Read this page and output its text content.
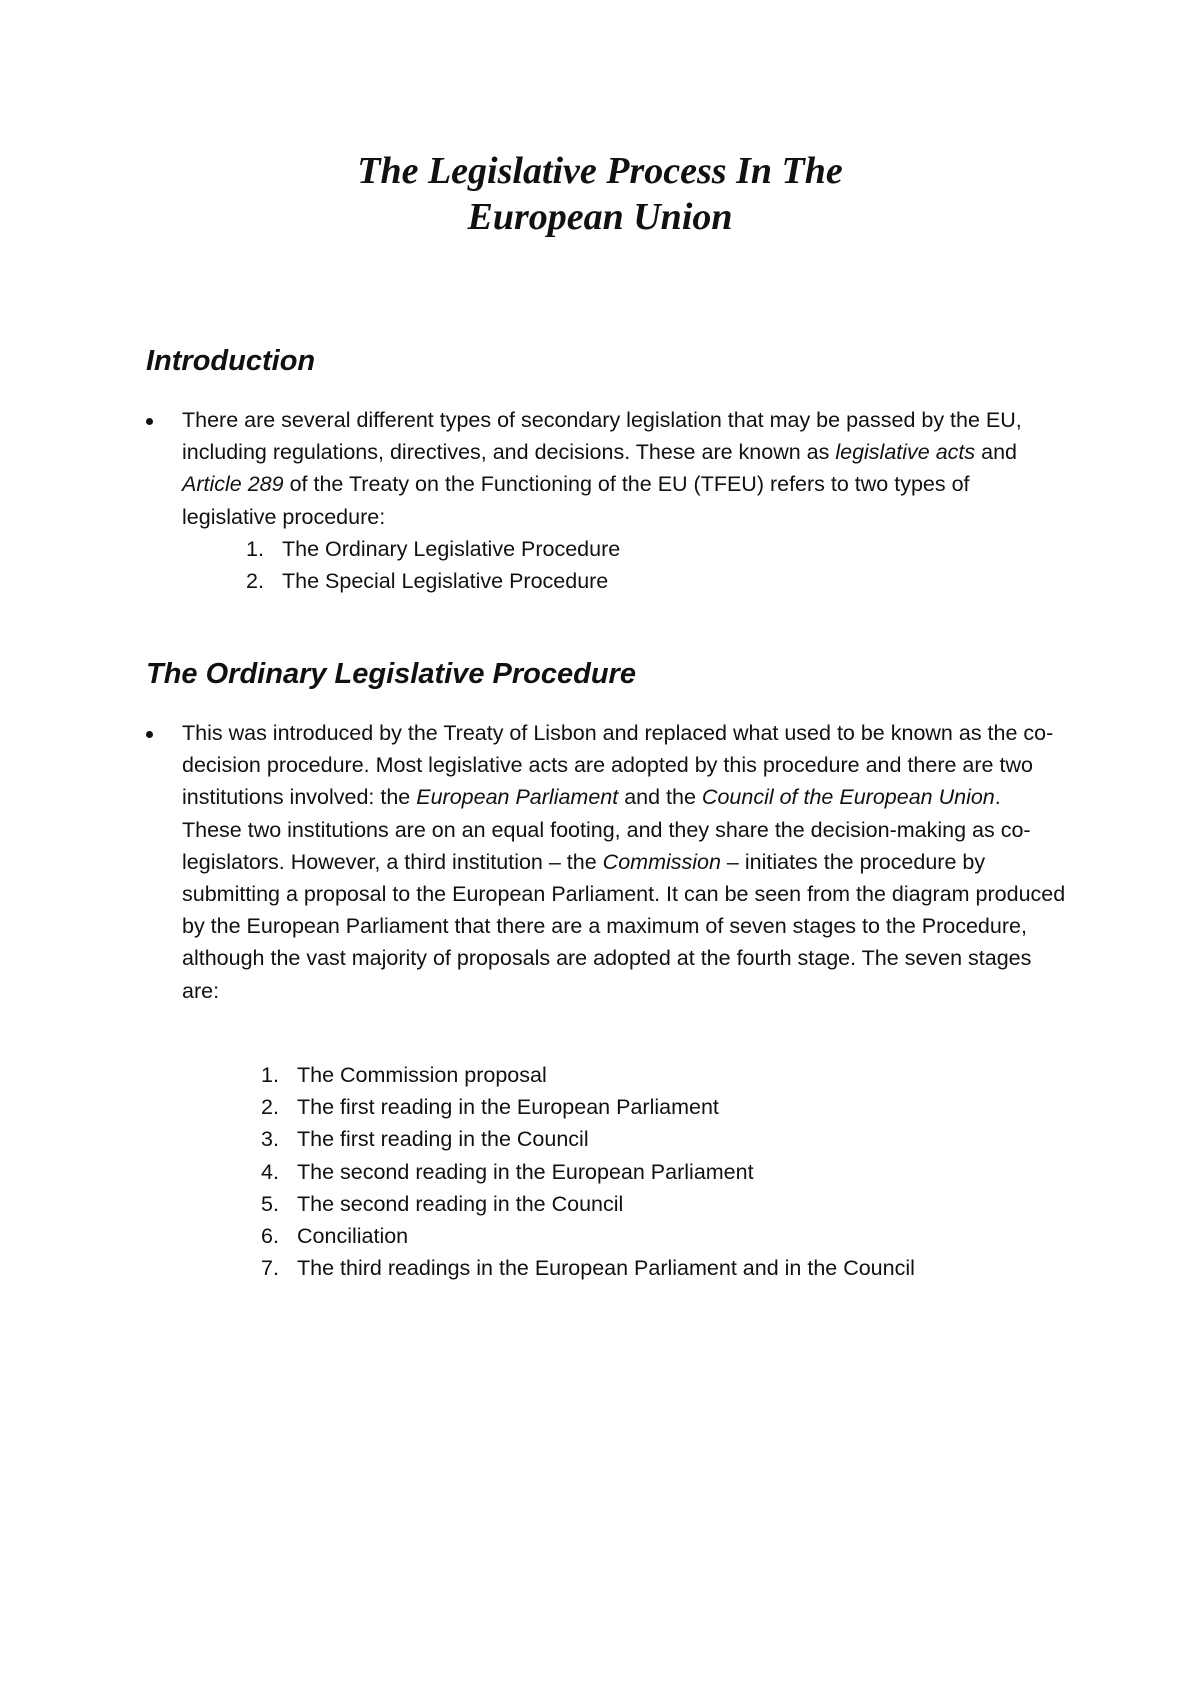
The Legislative Process In The
European Union
Introduction
There are several different types of secondary legislation that may be passed by the EU, including regulations, directives, and decisions. These are known as legislative acts and Article 289 of the Treaty on the Functioning of the EU (TFEU) refers to two types of legislative procedure:
1. The Ordinary Legislative Procedure
2. The Special Legislative Procedure
The Ordinary Legislative Procedure
This was introduced by the Treaty of Lisbon and replaced what used to be known as the co-decision procedure. Most legislative acts are adopted by this procedure and there are two institutions involved: the European Parliament and the Council of the European Union. These two institutions are on an equal footing, and they share the decision-making as co-legislators. However, a third institution – the Commission – initiates the procedure by submitting a proposal to the European Parliament. It can be seen from the diagram produced by the European Parliament that there are a maximum of seven stages to the Procedure, although the vast majority of proposals are adopted at the fourth stage. The seven stages are:
1. The Commission proposal
2. The first reading in the European Parliament
3. The first reading in the Council
4. The second reading in the European Parliament
5. The second reading in the Council
6. Conciliation
7. The third readings in the European Parliament and in the Council
